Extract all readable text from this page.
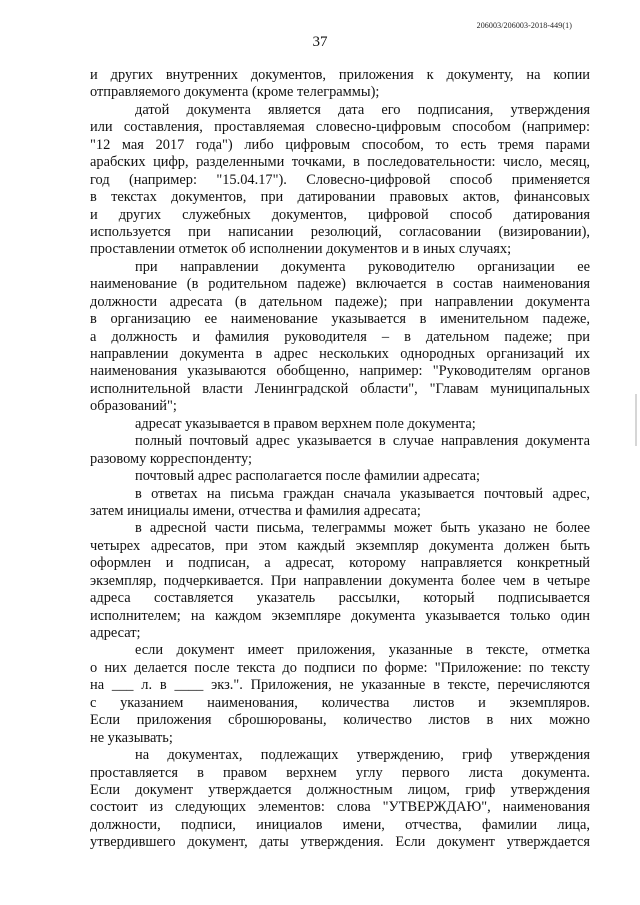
206003/206003-2018-449(1)
37
и других внутренних документов, приложения к документу, на копии
отправляемого документа (кроме телеграммы);
датой документа является дата его подписания, утверждения
или составления, проставляемая словесно-цифровым способом (например:
"12 мая 2017 года") либо цифровым способом, то есть тремя парами
арабских цифр, разделенными точками, в последовательности: число, месяц,
год (например: "15.04.17"). Словесно-цифровой способ применяется
в текстах документов, при датировании правовых актов, финансовых
и других служебных документов, цифровой способ датирования
используется при написании резолюций, согласовании (визировании),
проставлении отметок об исполнении документов и в иных случаях;
при направлении документа руководителю организации ее
наименование (в родительном падеже) включается в состав наименования
должности адресата (в дательном падеже); при направлении документа
в организацию ее наименование указывается в именительном падеже,
а должность и фамилия руководителя – в дательном падеже; при
направлении документа в адрес нескольких однородных организаций их
наименования указываются обобщенно, например: "Руководителям органов
исполнительной власти Ленинградской области", "Главам муниципальных
образований";
адресат указывается в правом верхнем поле документа;
полный почтовый адрес указывается в случае направления документа
разовому корреспонденту;
почтовый адрес располагается после фамилии адресата;
в ответах на письма граждан сначала указывается почтовый адрес,
затем инициалы имени, отчества и фамилия адресата;
в адресной части письма, телеграммы может быть указано не более
четырех адресатов, при этом каждый экземпляр документа должен быть
оформлен и подписан, а адресат, которому направляется конкретный
экземпляр, подчеркивается. При направлении документа более чем в четыре
адреса составляется указатель рассылки, который подписывается
исполнителем; на каждом экземпляре документа указывается только один
адресат;
если документ имеет приложения, указанные в тексте, отметка
о них делается после текста до подписи по форме: "Приложение: по тексту
на ___ л. в ____ экз.". Приложения, не указанные в тексте, перечисляются
с указанием наименования, количества листов и экземпляров.
Если приложения сброшюрованы, количество листов в них можно
не указывать;
на документах, подлежащих утверждению, гриф утверждения
проставляется в правом верхнем углу первого листа документа.
Если документ утверждается должностным лицом, гриф утверждения
состоит из следующих элементов: слова "УТВЕРЖДАЮ", наименования
должности, подписи, инициалов имени, отчества, фамилии лица,
утвердившего документ, даты утверждения. Если документ утверждается
